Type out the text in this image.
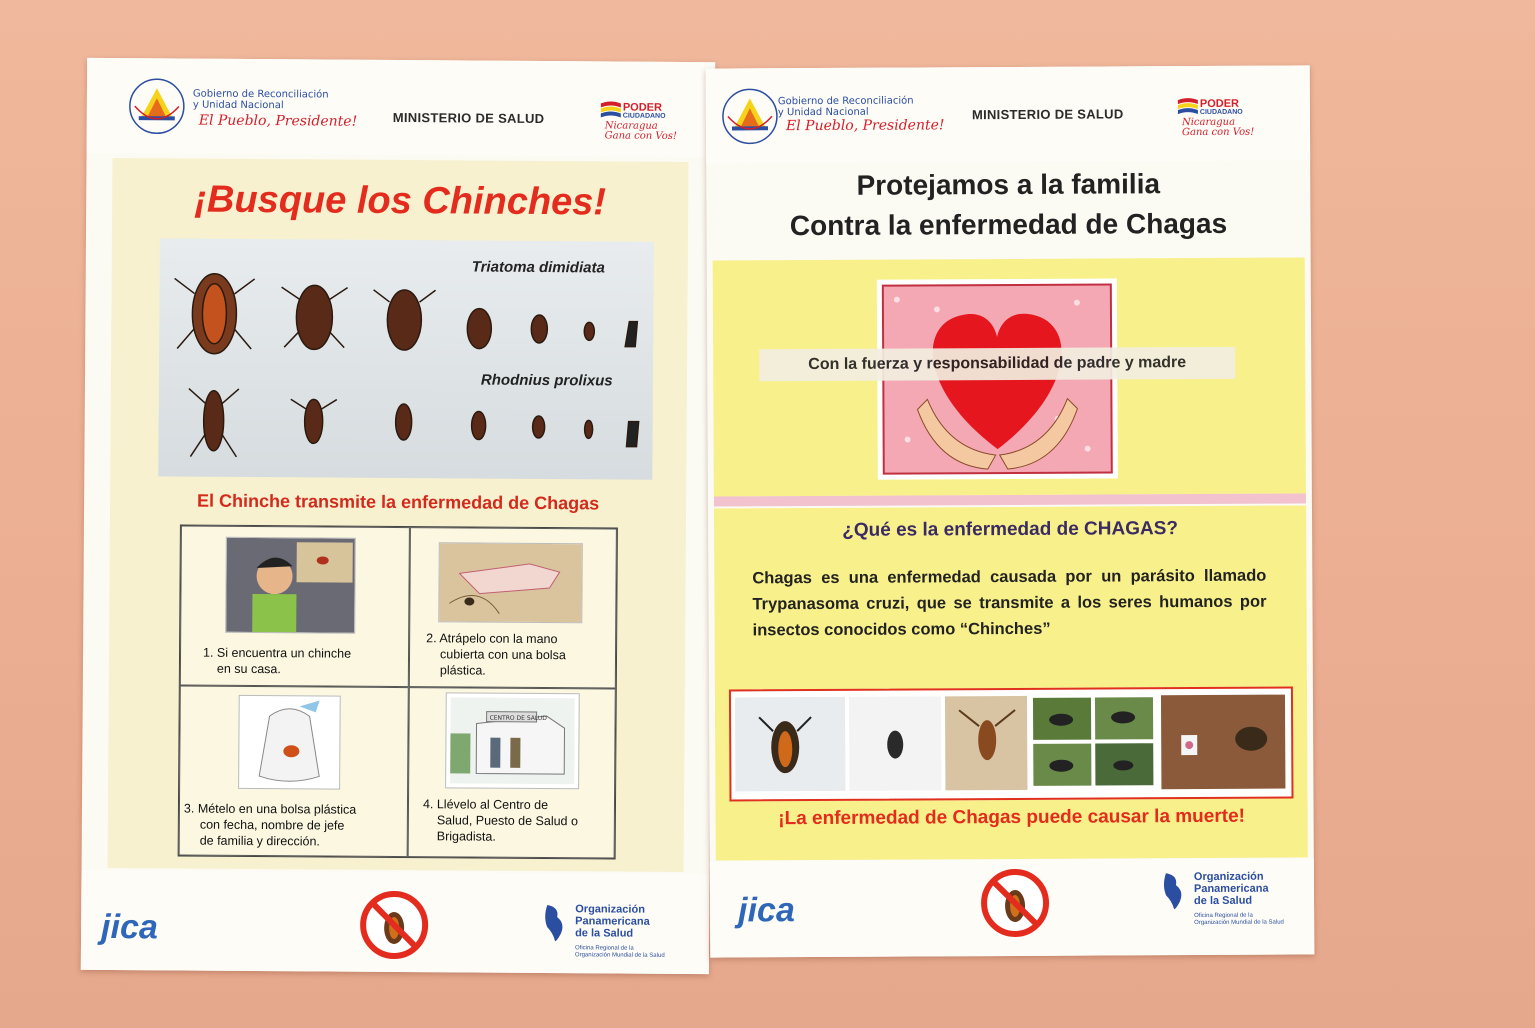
Gobierno de Reconciliación
y Unidad Nacional
El Pueblo, Presidente!	MINISTERIO DE SALUD
PODER
CIUDADANO
Nicaragua
Gana con Vos!
¡Busque los Chinches!
Triatoma dimidiata
Rhodnius prolixus
El Chinche transmite la enfermedad de Chagas
1. Si encuentra un chinche
en su casa.
2. Atrápelo con la mano
cubierta con una bolsa
plástica.
3. Mételo en una bolsa plástica
con fecha, nombre de jefe
de familia y dirección.
CENTRO DE SALUD
4. Llévelo al Centro de
Salud, Puesto de Salud o
Brigadista.
jica	Organización
Panamericana
de la Salud
Oficina Regional de la
Organización Mundial de la Salud
Gobierno de Reconciliación
y Unidad Nacional
El Pueblo, Presidente!
MINISTERIO DE SALUD
PODER
CIUDADANO
Nicaragua
Gana con Vos!
Protejamos a la familia
Contra la enfermedad de Chagas
Con la fuerza y responsabilidad de padre y madre
¿Qué es la enfermedad de CHAGAS?
Chagas es una enfermedad causada por un parásito llamado Trypanasoma cruzi, que se transmite a los seres humanos por insectos conocidos como “Chinches”
¡La enfermedad de Chagas puede causar la muerte!
jica
Organización
Panamericana
de la Salud
Oficina Regional de la
Organización Mundial de la Salud
